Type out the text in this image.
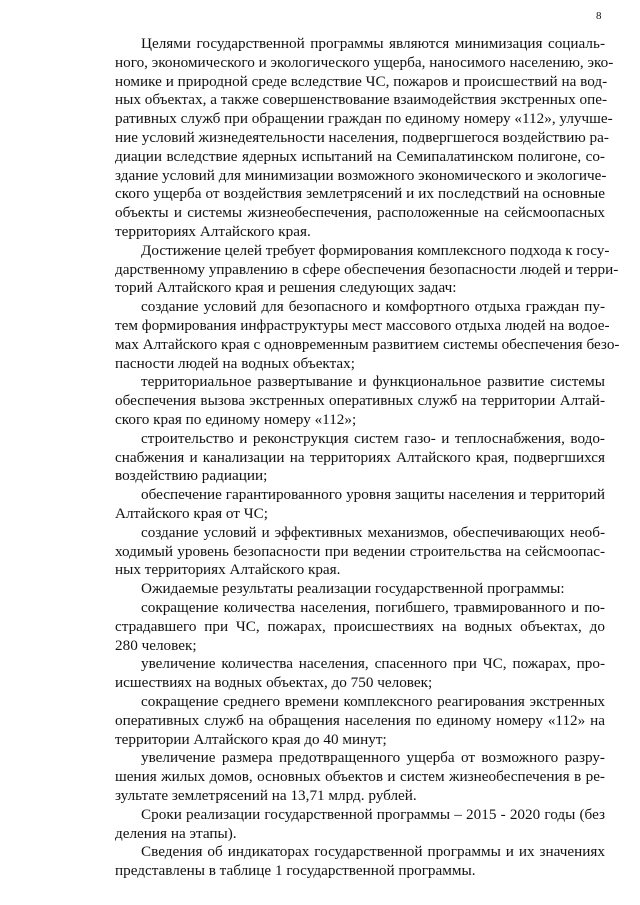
8
Целями государственной программы являются минимизация социаль-
ного, экономического и экологического ущерба, наносимого населению, эко-
номике и природной среде вследствие ЧС, пожаров и происшествий на вод-
ных объектах, а также совершенствование взаимодействия экстренных опе-
ративных служб при обращении граждан по единому номеру «112», улучше-
ние условий жизнедеятельности населения, подвергшегося воздействию ра-
диации вследствие ядерных испытаний на Семипалатинском полигоне, со-
здание условий для минимизации возможного экономического и экологиче-
ского ущерба от воздействия землетрясений и их последствий на основные
объекты и системы жизнеобеспечения, расположенные на сейсмоопасных
территориях Алтайского края.
Достижение целей требует формирования комплексного подхода к госу-
дарственному управлению в сфере обеспечения безопасности людей и терри-
торий Алтайского края и решения следующих задач:
создание условий для безопасного и комфортного отдыха граждан пу-
тем формирования инфраструктуры мест массового отдыха людей на водое-
мах Алтайского края с одновременным развитием системы обеспечения безо-
пасности людей на водных объектах;
территориальное развертывание и функциональное развитие системы
обеспечения вызова экстренных оперативных служб на территории Алтай-
ского края по единому номеру «112»;
строительство и реконструкция систем газо- и теплоснабжения, водо-
снабжения и канализации на территориях Алтайского края, подвергшихся
воздействию радиации;
обеспечение гарантированного уровня защиты населения и территорий
Алтайского края от ЧС;
создание условий и эффективных механизмов, обеспечивающих необ-
ходимый уровень безопасности при ведении строительства на сейсмоопас-
ных территориях Алтайского края.
Ожидаемые результаты реализации государственной программы:
сокращение количества населения, погибшего, травмированного и по-
страдавшего при ЧС, пожарах, происшествиях на водных объектах, до
280 человек;
увеличение количества населения, спасенного при ЧС, пожарах, про-
исшествиях на водных объектах, до 750 человек;
сокращение среднего времени комплексного реагирования экстренных
оперативных служб на обращения населения по единому номеру «112» на
территории Алтайского края до 40 минут;
увеличение размера предотвращенного ущерба от возможного разру-
шения жилых домов, основных объектов и систем жизнеобеспечения в ре-
зультате землетрясений на 13,71 млрд. рублей.
Сроки реализации государственной программы – 2015 - 2020 годы (без
деления на этапы).
Сведения об индикаторах государственной программы и их значениях
представлены в таблице 1 государственной программы.
